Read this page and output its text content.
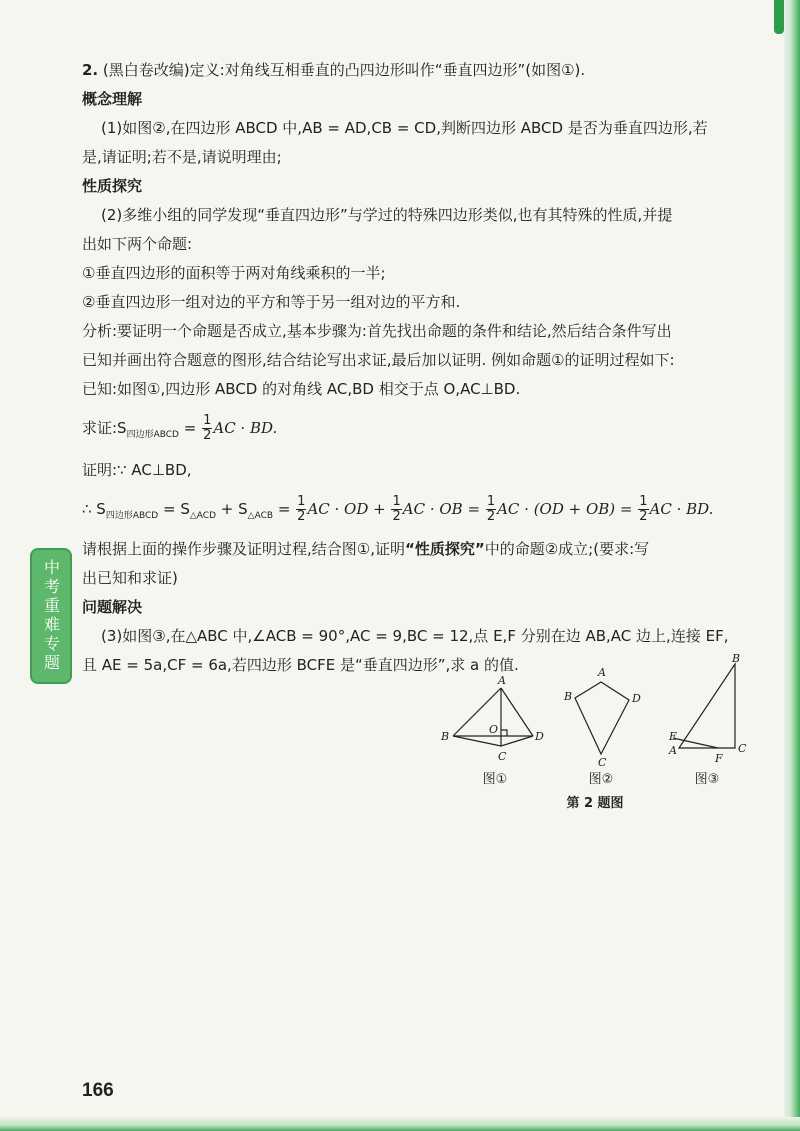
中考重难专题

2. (黑白卷改编)定义:对角线互相垂直的凸四边形叫作“垂直四边形”(如图①).

概念理解

(1)如图②,在四边形 ABCD 中,AB = AD,CB = CD,判断四边形 ABCD 是否为垂直四边形,若

是,请证明;若不是,请说明理由;

性质探究

(2)多维小组的同学发现“垂直四边形”与学过的特殊四边形类似,也有其特殊的性质,并提

出如下两个命题:

①垂直四边形的面积等于两对角线乘积的一半;

②垂直四边形一组对边的平方和等于另一组对边的平方和.

分析:要证明一个命题是否成立,基本步骤为:首先找出命题的条件和结论,然后结合条件写出

已知并画出符合题意的图形,结合结论写出求证,最后加以证明. 例如命题①的证明过程如下:

已知:如图①,四边形 ABCD 的对角线 AC,BD 相交于点 O,AC⊥BD.

求证$:S_{四边形ABCD} = \frac{1}{2}$ AC · BD.

证明:∵ AC⊥BD,

∴ $S_{四边形ABCD} = S_{\triangle ACD} + S_{\triangle ACB} = \frac{1}{2}$ AC · OD + $\frac{1}{2}$ AC · OB = $\frac{1}{2}$ AC · $(OD + OB) = \frac{1}{2}$ AC · BD.

请根据上面的操作步骤及证明过程,结合图①,证明“性质探究”中的命题②成立;(要求:写

出已知和求证)

问题解决

(3)如图③,在△ABC 中,∠ACB = 90°,AC = 9,BC = 12,点 E,F 分别在边 AB,AC 边上,连接 EF,

且 AE = 5a,CF = 6a,若四边形 BCFE 是“垂直四边形”,求 a 的值.

A
B
C
D
O
A
B
C
D
A
B
C
E
F
图①	图②	图③
第 2 题图
166
